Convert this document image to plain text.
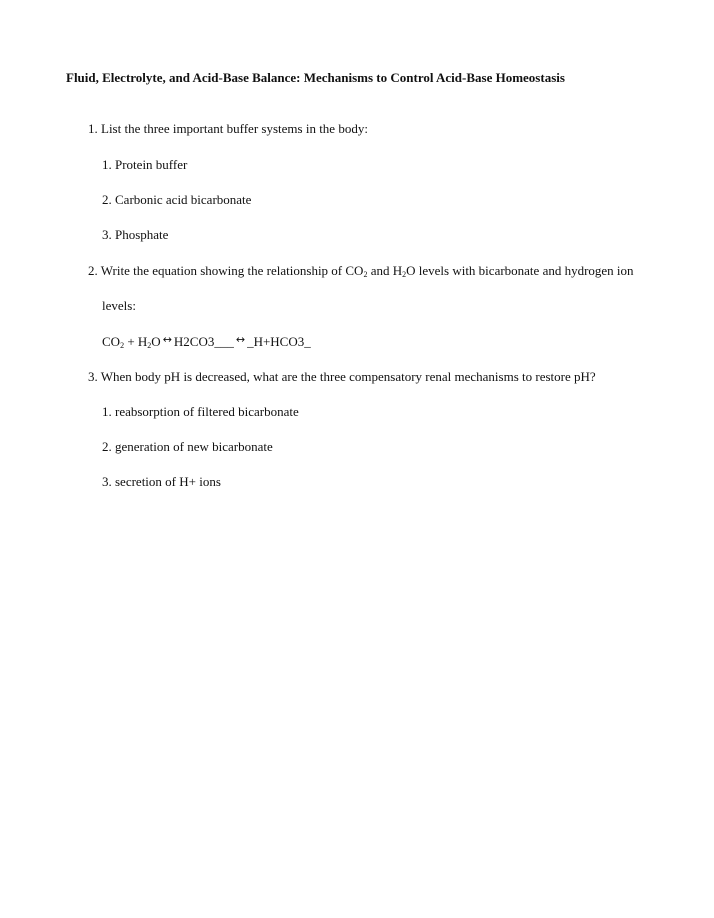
Fluid, Electrolyte, and Acid-Base Balance: Mechanisms to Control Acid-Base Homeostasis
1. List the three important buffer systems in the body:
1. Protein buffer
2. Carbonic acid bicarbonate
3. Phosphate
2. Write the equation showing the relationship of $CO_2$ and $H_2O$ levels with bicarbonate and hydrogen ion
levels:
$CO_2 + H_2O$ ↔ H2CO3___ ↔ _H+HCO3_
3. When body pH is decreased, what are the three compensatory renal mechanisms to restore pH?
1. reabsorption of filtered bicarbonate
2. generation of new bicarbonate
3. secretion of H+ ions
